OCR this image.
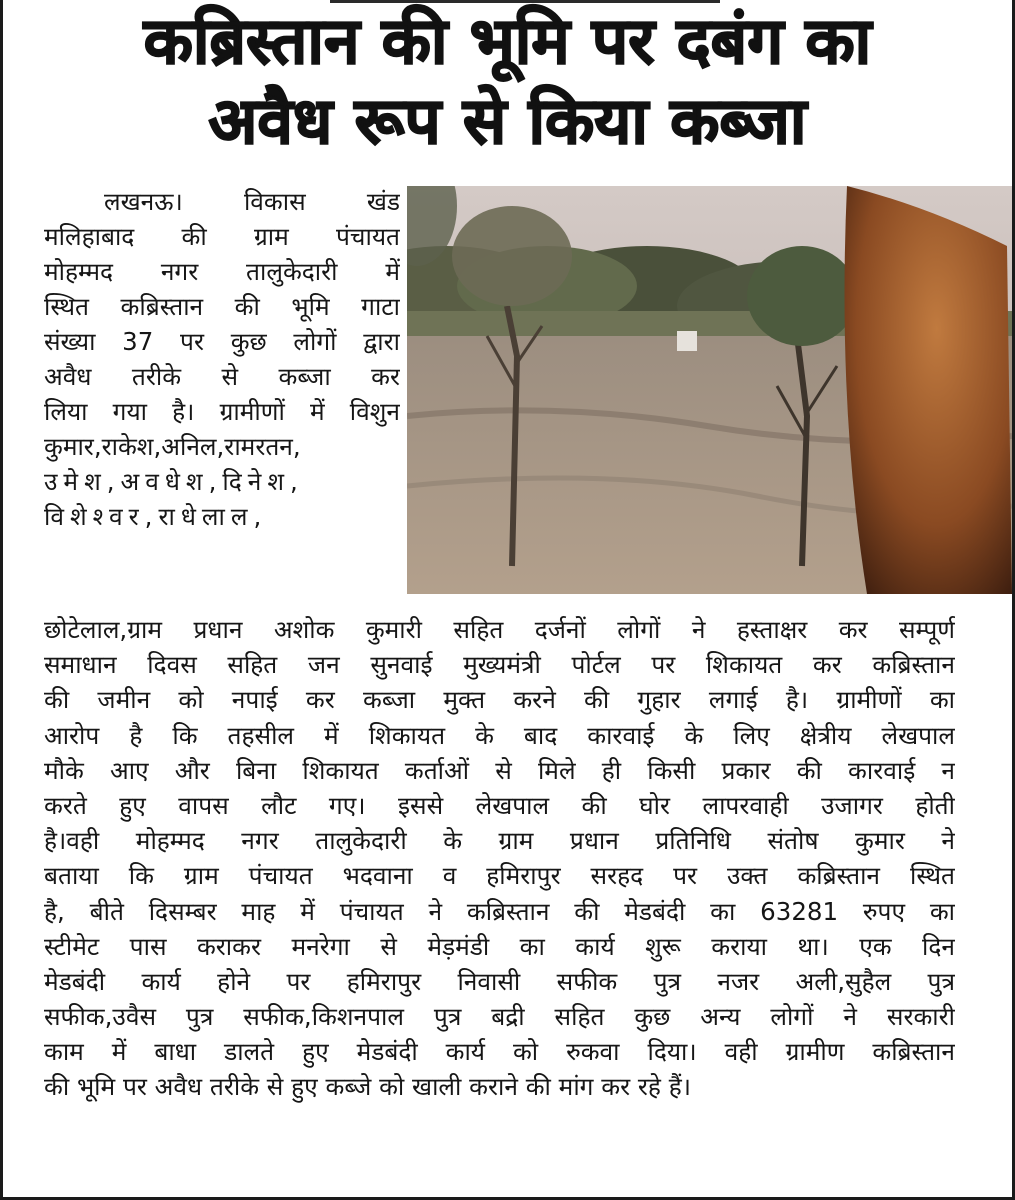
कब्रिस्तान की भूमि पर दबंग का
अवैध रूप से किया कब्जा
लखनऊ। विकास खंड
मलिहाबाद की ग्राम पंचायत
मोहम्मद नगर तालुकेदारी में
स्थित कब्रिस्तान की भूमि गाटा
संख्या 37 पर कुछ लोगों द्वारा
अवैध तरीके से कब्जा कर
लिया गया है। ग्रामीणों में विशुन
कुमार,राकेश,अनिल,रामरतन,
उमेश,अवधेश,दिनेश,
विशेश्वर,राधेलाल,
छोटेलाल,ग्राम प्रधान अशोक कुमारी सहित दर्जनों लोगों ने हस्ताक्षर कर सम्पूर्ण
समाधान दिवस सहित जन सुनवाई मुख्यमंत्री पोर्टल पर शिकायत कर कब्रिस्तान
की जमीन को नपाई कर कब्जा मुक्त करने की गुहार लगाई है। ग्रामीणों का
आरोप है कि तहसील में शिकायत के बाद कारवाई के लिए क्षेत्रीय लेखपाल
मौके आए और बिना शिकायत कर्ताओं से मिले ही किसी प्रकार की कारवाई न
करते हुए वापस लौट गए। इससे लेखपाल की घोर लापरवाही उजागर होती
है।वही मोहम्मद नगर तालुकेदारी के ग्राम प्रधान प्रतिनिधि संतोष कुमार ने
बताया कि ग्राम पंचायत भदवाना व हमिरापुर सरहद पर उक्त कब्रिस्तान स्थित
है, बीते दिसम्बर माह में पंचायत ने कब्रिस्तान की मेडबंदी का 63281 रुपए का
स्टीमेट पास कराकर मनरेगा से मेड़मंडी का कार्य शुरू कराया था। एक दिन
मेडबंदी कार्य होने पर हमिरापुर निवासी सफीक पुत्र नजर अली,सुहैल पुत्र
सफीक,उवैस पुत्र सफीक,किशनपाल पुत्र बद्री सहित कुछ अन्य लोगों ने सरकारी
काम में बाधा डालते हुए मेडबंदी कार्य को रुकवा दिया। वही ग्रामीण कब्रिस्तान
की भूमि पर अवैध तरीके से हुए कब्जे को खाली कराने की मांग कर रहे हैं।
